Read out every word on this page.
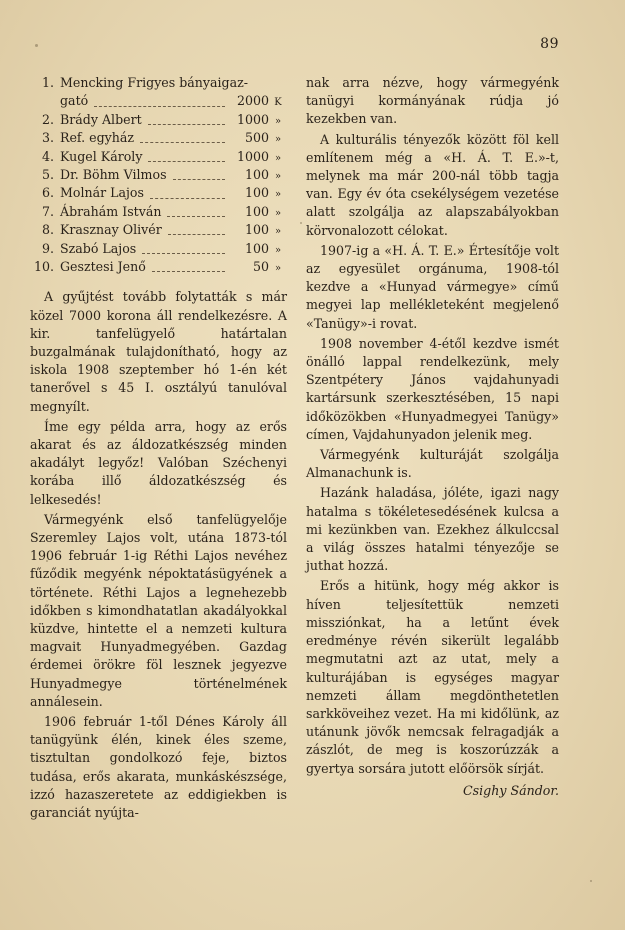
89
1. Mencking Frigyes bányaigaz-
gató	2000 K
2. Brády Albert	1000 »
3. Ref. egyház	500 »
4. Kugel Károly	1000 »
5. Dr. Böhm Vilmos	100 »
6. Molnár Lajos	100 »
7. Ábrahám István	100 »
8. Krasznay Olivér	100 »
9. Szabó Lajos	100 »
10. Gesztesi Jenő	50 »

A gyűjtést tovább folytatták s már közel 7000 korona áll rendelkezésre. A kir. tanfelügyelő határtalan buzgalmának tulajdonítható, hogy az iskola 1908 szeptember hó 1-én két tanerővel s 45 I. osztályú tanulóval megnyílt.

Íme egy példa arra, hogy az erős akarat és az áldozatkészség minden akadályt legyőz! Valóban Széchenyi korába illő áldozatkészség és lelkesedés!

Vármegyénk első tanfelügyelője Szeremley Lajos volt, utána 1873-tól 1906 február 1-ig Réthi Lajos nevéhez fűződik megyénk népoktatásügyének a története. Réthi Lajos a legnehezebb időkben s kimondhatatlan akadályokkal küzdve, hintette el a nemzeti kultura magvait Hunyadmegyében. Gazdag érdemei örökre föl lesznek jegyezve Hunyadmegye történelmének annálesein.

1906 február 1-től Dénes Károly áll tanügyünk élén, kinek éles szeme, tisztultan gondolkozó feje, biztos tudása, erős akarata, munkáskészsége, izzó hazaszeretete az eddigiekben is garanciát nyújta-

nak arra nézve, hogy vármegyénk tanügyi kormányának rúdja jó kezekben van.

A kulturális tényezők között föl kell említenem még a «H. Á. T. E.»-t, melynek ma már 200-nál több tagja van. Egy év óta csekélységem vezetése alatt szolgálja az alapszabályokban körvonalozott célokat.

1907-ig a «H. Á. T. E.» Értesítője volt az egyesület orgánuma, 1908-tól kezdve a «Hunyad vármegye» című megyei lap mellékleteként megjelenő «Tanügy»-i rovat.

1908 november 4-étől kezdve ismét önálló lappal rendelkezünk, mely Szentpétery János vajdahunyadi kartársunk szerkesztésében, 15 napi időközökben «Hunyadmegyei Tanügy» címen, Vajdahunyadon jelenik meg.

Vármegyénk kulturáját szolgálja Almanachunk is.

Hazánk haladása, jóléte, igazi nagy hatalma s tökéletesedésének kulcsa a mi kezünkben van. Ezekhez álkulccsal a világ összes hatalmi tényezője se juthat hozzá.

Erős a hitünk, hogy még akkor is híven teljesítettük nemzeti missziónkat, ha a letűnt évek eredménye révén sikerült legalább megmutatni azt az utat, mely a kulturájában is egységes magyar nemzeti állam megdönthetetlen sarkköveihez vezet. Ha mi kidőlünk, az utánunk jövők nemcsak felragadják a zászlót, de meg is koszorúzzák a gyertya sorsára jutott előörsök sírját.

Csighy Sándor.
